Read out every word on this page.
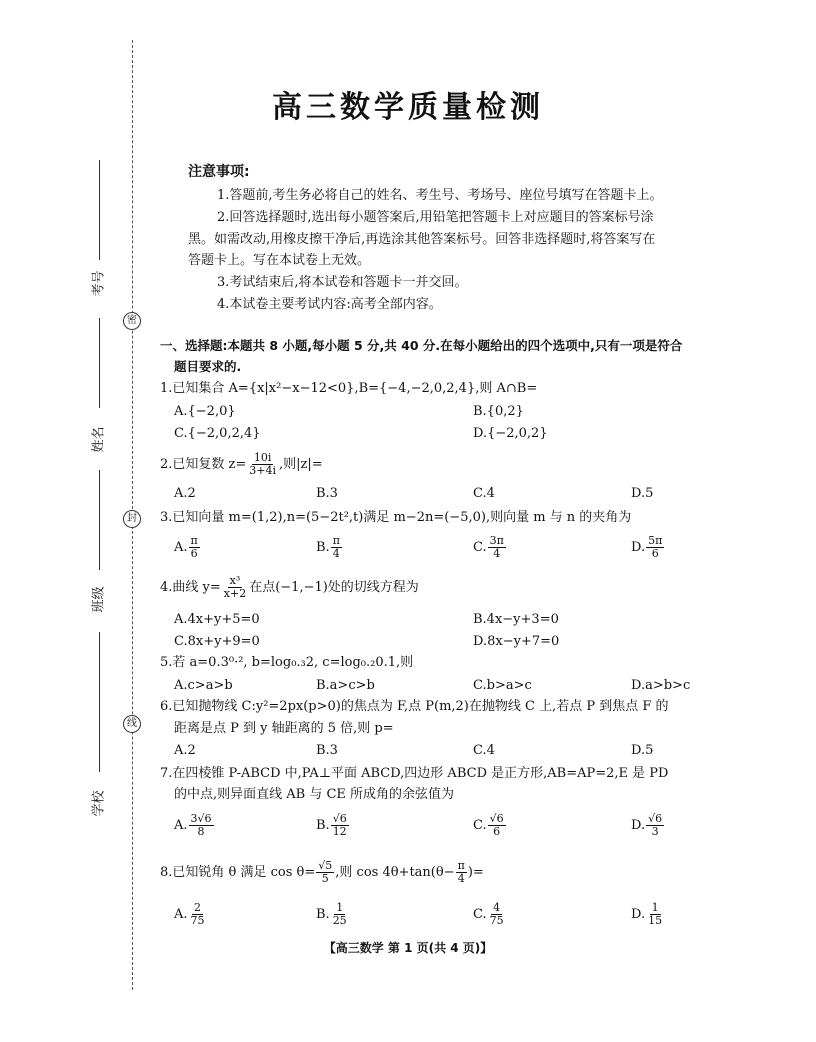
考号
姓名
班级
学校
密
封
线
高三数学质量检测
注意事项:
1.答题前,考生务必将自己的姓名、考生号、考场号、座位号填写在答题卡上。
2.回答选择题时,选出每小题答案后,用铅笔把答题卡上对应题目的答案标号涂
黑。如需改动,用橡皮擦干净后,再选涂其他答案标号。回答非选择题时,将答案写在
答题卡上。写在本试卷上无效。
3.考试结束后,将本试卷和答题卡一并交回。
4.本试卷主要考试内容:高考全部内容。
一、选择题:本题共 8 小题,每小题 5 分,共 40 分.在每小题给出的四个选项中,只有一项是符合
题目要求的.
1.已知集合 A={x|x²−x−12<0},B={−4,−2,0,2,4},则 A∩B=
A.{−2,0}	B.{0,2}
C.{−2,0,2,4}	D.{−2,0,2}
2.已知复数 $z= \frac{10i}{3+4i}$ ,则|z|=
A.2	B.3	C.4	D.5
3.已知向量 m=(1,2),n=(5−2t²,t)满足 m−2n=(−5,0),则向量 m 与 n 的夹角为
A. $\frac{\pi}{6}$	B. $\frac{\pi}{4}$	C. $\frac{3\pi}{4}$	D. $\frac{5\pi}{6}$
4.曲线 $y= \frac{\text{x³}}{x+2}$ 在点(−1,−1)处的切线方程为
A.4x+y+5=0	B.4x−y+3=0
C.8x+y+9=0	D.8x−y+7=0
5.若 a=0.3⁰·², b=log₀.₃2, c=log₀.₂0.1,则
A.c>a>b	B.a>c>b	C.b>a>c	D.a>b>c
6.已知抛物线 C:y²=2px(p>0)的焦点为 F,点 P(m,2)在抛物线 C 上,若点 P 到焦点 F 的
距离是点 P 到 y 轴距离的 5 倍,则 p=
A.2	B.3	C.4	D.5
7.在四棱锥 P-ABCD 中,PA⊥平面 ABCD,四边形 ABCD 是正方形,AB=AP=2,E 是 PD
的中点,则异面直线 AB 与 CE 所成角的余弦值为
A. $\frac{3√6}{8}$	B. $\frac{√6}{12}$	C. $\frac{√6}{6}$	D. $\frac{√6}{3}$
8.已知锐角 θ 满足 $\cos \theta= \frac{√5}{5}$ ,则 $\cos 4\theta+\tan(\theta- \frac{\pi}{4}$ )=
A. $\frac{2}{75}$	B. $\frac{1}{25}$	C. $\frac{4}{75}$	D. $\frac{1}{15}$
【高三数学 第 1 页(共 4 页)】
